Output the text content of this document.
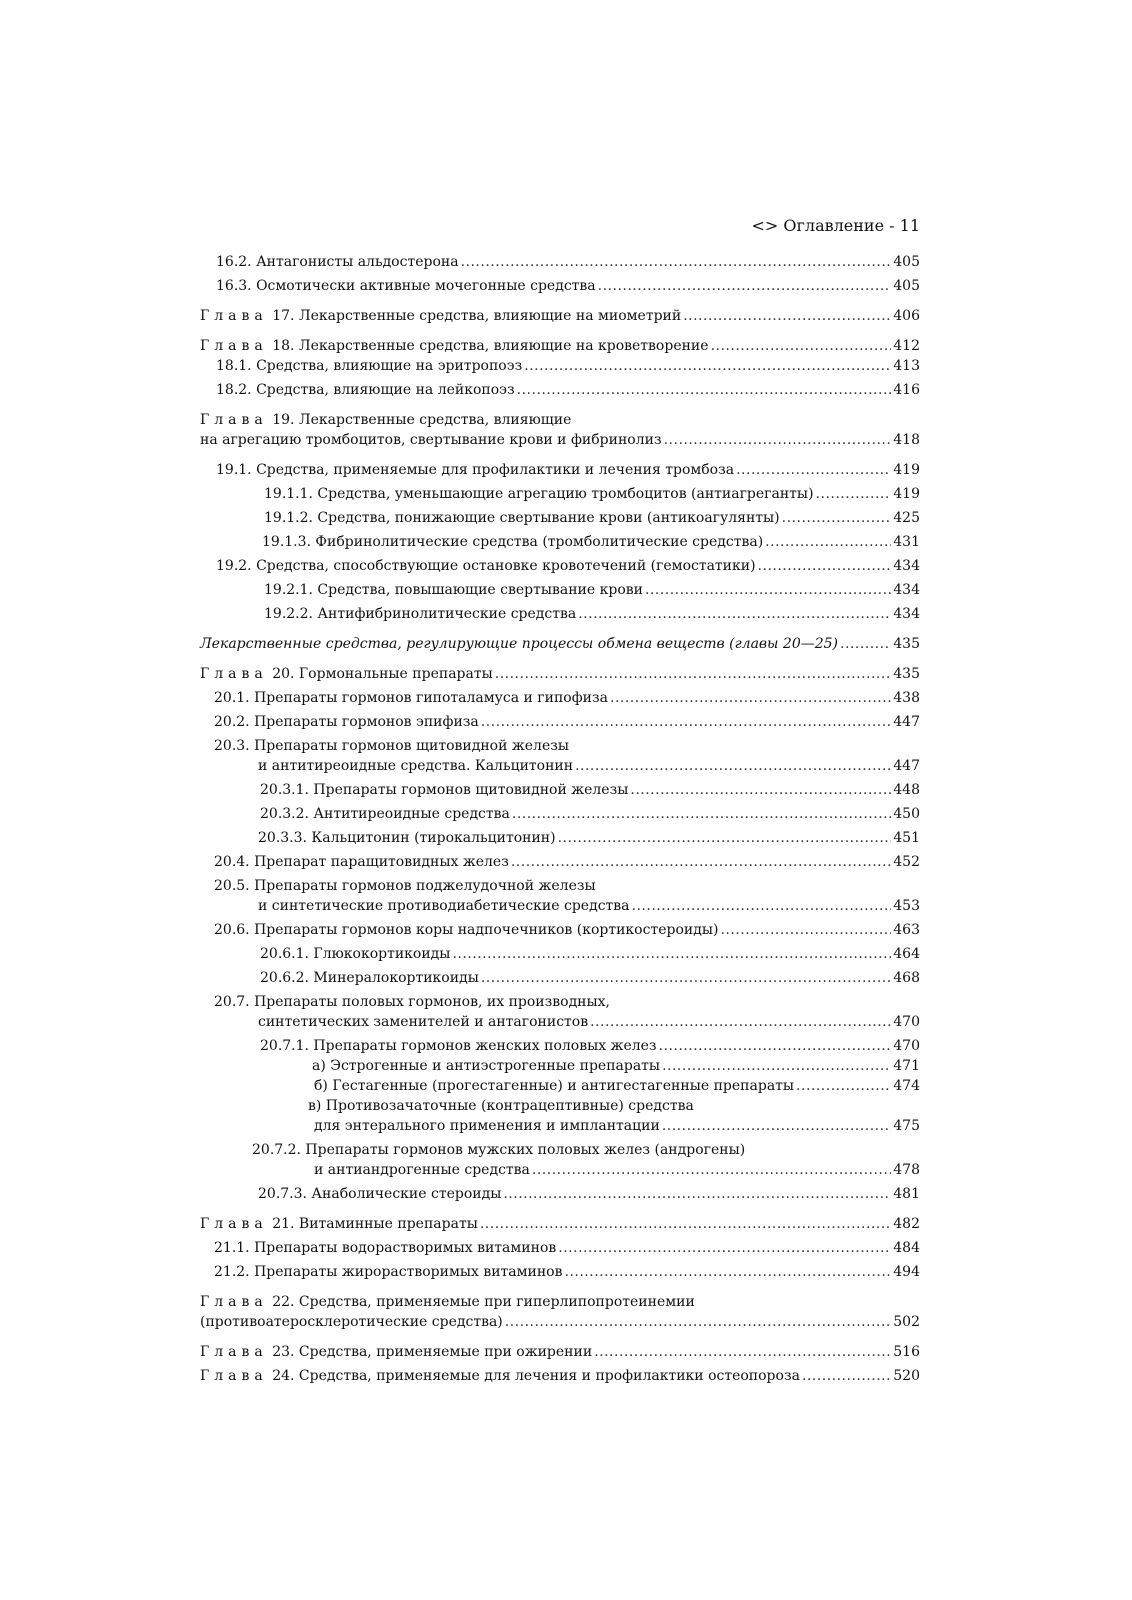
<> Оглавление - 11
16.2. Антагонисты альдостерона .....	405
16.3. Осмотически активные мочегонные средства .....	405
Глава 17. Лекарственные средства, влияющие на миометрий .....	406
Глава 18. Лекарственные средства, влияющие на кроветворение .....	412
18.1. Средства, влияющие на эритропоэз .....	413
18.2. Средства, влияющие на лейкопоэз .....	416
Глава 19. Лекарственные средства, влияющие
на агрегацию тромбоцитов, свертывание крови и фибринолиз .....	418
19.1. Средства, применяемые для профилактики и лечения тромбоза .....	419
19.1.1. Средства, уменьшающие агрегацию тромбоцитов (антиагреганты) .....	419
19.1.2. Средства, понижающие свертывание крови (антикоагулянты) .....	425
19.1.3. Фибринолитические средства (тромболитические средства) .....	431
19.2. Средства, способствующие остановке кровотечений (гемостатики) .....	434
19.2.1. Средства, повышающие свертывание крови .....	434
19.2.2. Антифибринолитические средства .....	434
Лекарственные средства, регулирующие процессы обмена веществ (главы 20—25) .....	435
Глава 20. Гормональные препараты .....	435
20.1. Препараты гормонов гипоталамуса и гипофиза .....	438
20.2. Препараты гормонов эпифиза .....	447
20.3. Препараты гормонов щитовидной железы
и антитиреоидные средства. Кальцитонин .....	447
20.3.1. Препараты гормонов щитовидной железы .....	448
20.3.2. Антитиреоидные средства .....	450
20.3.3. Кальцитонин (тирокальцитонин) .....	451
20.4. Препарат паращитовидных желез .....	452
20.5. Препараты гормонов поджелудочной железы
и синтетические противодиабетические средства .....	453
20.6. Препараты гормонов коры надпочечников (кортикостероиды) .....	463
20.6.1. Глюкокортикоиды .....	464
20.6.2. Минералокортикоиды .....	468
20.7. Препараты половых гормонов, их производных,
синтетических заменителей и антагонистов .....	470
20.7.1. Препараты гормонов женских половых желез .....	470
а) Эстрогенные и антиэстрогенные препараты .....	471
б) Гестагенные (прогестагенные) и антигестагенные препараты .....	474
в) Противозачаточные (контрацептивные) средства
для энтерального применения и имплантации .....	475
20.7.2. Препараты гормонов мужских половых желез (андрогены)
и антиандрогенные средства .....	478
20.7.3. Анаболические стероиды .....	481
Глава 21. Витаминные препараты .....	482
21.1. Препараты водорастворимых витаминов .....	484
21.2. Препараты жирорастворимых витаминов .....	494
Глава 22. Средства, применяемые при гиперлипопротеинемии
(противоатеросклеротические средства) .....	502
Глава 23. Средства, применяемые при ожирении .....	516
Глава 24. Средства, применяемые для лечения и профилактики остеопороза .....	520
